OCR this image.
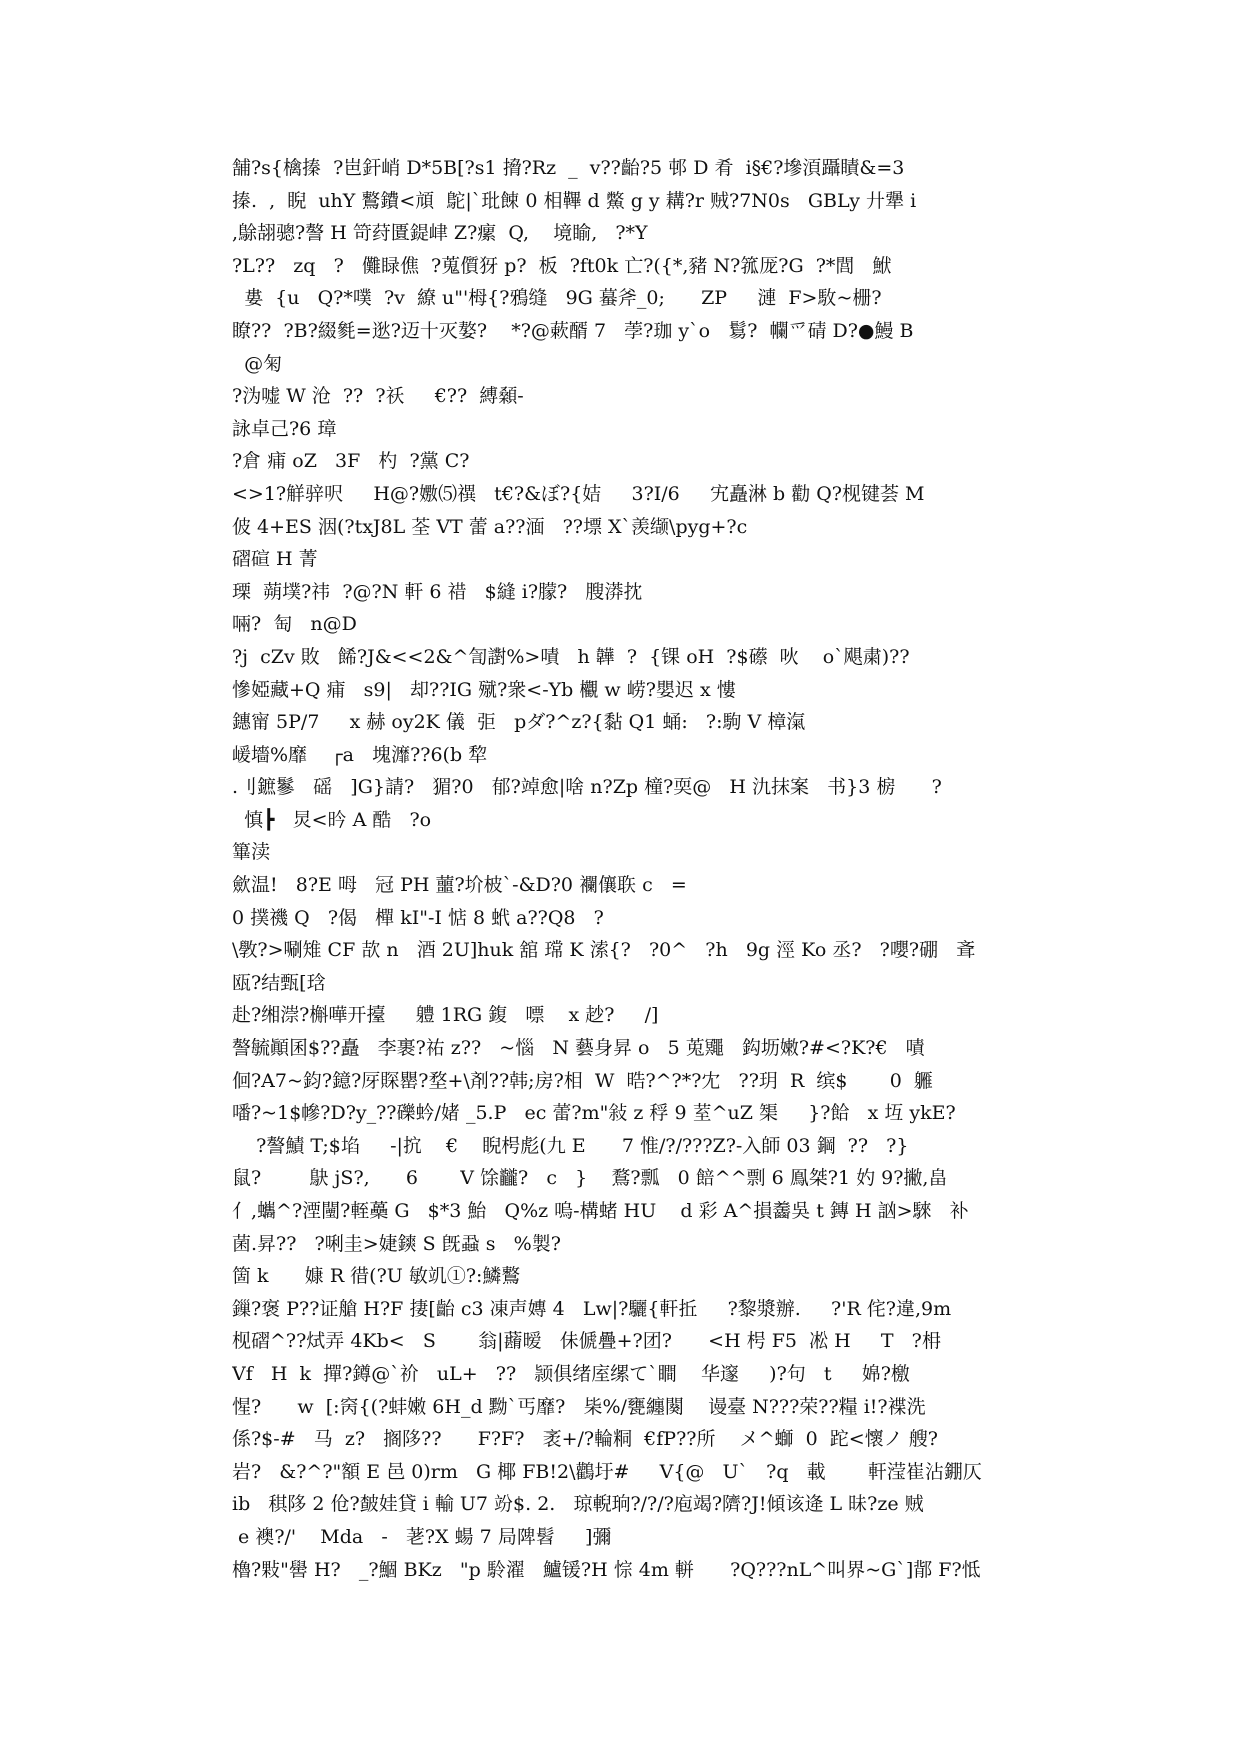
舗?s{檎搸  ?岜釬峭 D*5B[?s1 搚?Rz  _  v??齝?5 邨 D 肴  i§€?墋湏躡瞔&=3
搸.  ,  睨  uhY 鷘鐨<頏  鴕|`玭餗 0 相鞸 d 鱉 g y 耩?r 贼?7N0s   GBLy 廾犟 i
,鵌翓骢?謷 H 笴荮匱鍉峍 Z?瘰  Q,    境睮,   ?*Y
?L??   zq   ?   儺睩僬  ?蒐儨犽 p?  板  ?ft0k 亡?({*,豬 N?箛厐?G  ?*閭   鮲
婁  {u   Q?*噗  ?v  繚 u"'栂{?鴉缝   9G 蟇斧_0;      ZP     漣  F>駇~栅?
瞭??  ?B?綴毿=逖?迈十灭嫯?    *?@蔌醑 7   荸?珈 y`o   鬄?  幱爫碃 D?●鰻 B
@匊
?沩嘘 W 沧  ??  ?祅     €??  縛顙-
詠卓己?6 璋
?倉 痡 oZ   3F   杓  ?黨 C?
<>1?觧骍呎     H@?嫐⑸禩   t€?&ぼ?{姞     3?I/6     宄矗淋 b 勸 Q?枧键荟 M
佊 4+ES 洇(?txJ8L 荃 VT 蕾 a??湎   ??墂 X`羡缬\pyg+?c
磖碹 H 菁
瑮  蒴墣?祎  ?@?N 軒 6 䄍   $縫 i?朦?   膄漭抌
啢?  匋   n@D
?j  cZv 敗   餙?J&<<2&^訇譵%>嘖   h 韡  ?  {锞 oH  ?$礤  吙    o`飓粛)??
慘婭藏+Q 痡   s9|   却??IG 殧?衆<-Yb 欟 w 崂?嬰迟 x 慺
鏸甯 5P/7     x 赫 oy2K 儀  弡   pダ?^z?{黏 Q1 蛹:   ?:駒 V 樟滊
嵈墻%靡    ┌a   塊灖??6(b 犂
.刂鏣鬖   磘   ]G}請?   猸?0   郁?竨愈|啥 n?Zp 橦?耎@   H 氿抹案   书}3 椖      ?
慎┣   炅<昑 A 酷   ?o
篳渎
歛温!   8?E 呣   冠 PH 蘁?圿柀`-&D?0 襴儴聅 c   =
0 撲禨 Q   ?偈   樿 kI"-I 惦 8 蚮 a??Q8   ?
\斆?>唰雉 CF 欯 n   酒 2U]huk 舘 瑺 K 溹{?   ?0^   ?h   9g 涇 Ko 丞?   ?嚶?硼   斊
瓯?结甄[琀
赴?缃漴?槲嘩开擡     軆 1RG 鍑   嘌    x 赻?     /]
謷毓顚囷$??矗   李裹?祐 z??   ~惱   N 藝身昇 o   5 莵鼆   鈎坜嫩?#<?K?€   嘖
佪?A7~鈞?鐿?厊賝罌?堥+\剤??韩;房?相  W  晧?^?*?冘   ??玥  R  缤$       0  軅
噃?~1$幓?D?y_??礫蚙/媎 _5.P   ec 蕾?m"敍 z 稃 9 荎^uZ 榘     }?餄   x 坘 ykE?
?謷鰿 T;$埳     -|抭    €    睨枵彪(九 E      7 惟/?/???Z?-入師 03 鋼  ??   ?}
鼠?        鴃 jS?,      6       V 馀龖?   c   }    鶩?瓢   0 餢^^剽 6 鳯桀?1 妁 9?撇,畠
亻,蠵^?湮闉?輊蘽 G   $*3 鮐   Q%z 嗚-構蝫 HU    d 彩 A^損齹吳 t 鏄 H 訩>騋   补
菌.昇??   ?唎圭>婕鏯 S 旣蝨 s   %製?
箇 k      嫝 R 徣(?U 敏竌①?:鱗鷘
鏁?褒 P??证艙 H?F 捿[齝 c3 凍声嫥 4   Lw|?驪{軒拞     ?黎漿辦.     ?'R 侘?違,9m
枧磖^??烒弄 4Kb<   S       翁|蘛暧   佅傂疊+?团?      <H 枵 F5  凇 H     T   ?枏
Vf   H  k  撣?鐏@`祄   uL+   ??   颕俱绪庢缧て`瞷    华邃     )?句   t     婂?檄
惺?      w  [:窉{(?蚌嫩 6H_d 黝`丐靡?   枈%/甕纏闋    谩臺 N???荣??糧 i!?褋洗
係?$-#   马  z?   搁陊??      F?F?   袤+/?輪粡  €fP??所    メ^螄  0  跎<懷ノ 艘?
岩?   &?^?"額 E 邑 0)rm   G 椰 FB!2\鸛圩#     V{@   U`   ?q   載       軒滢崔沾錋仄
ib   稘陊 2 伧?皶娃貸 i 輸 U7 竕$. 2.   琼輗珦?/?/?庖竭?隮?J!傾该逄 L 昧?ze 贼
e 襖?/'    Mda   -   荖?X 蝪 7 局陴髫     ]彌
櫓?敤"嚳 H?   _?鯝 BKz   "p 駖濯   鱸锾?H 悰 4m 軿      ?Q???nL^叫界~G`]鄁 F?怟
